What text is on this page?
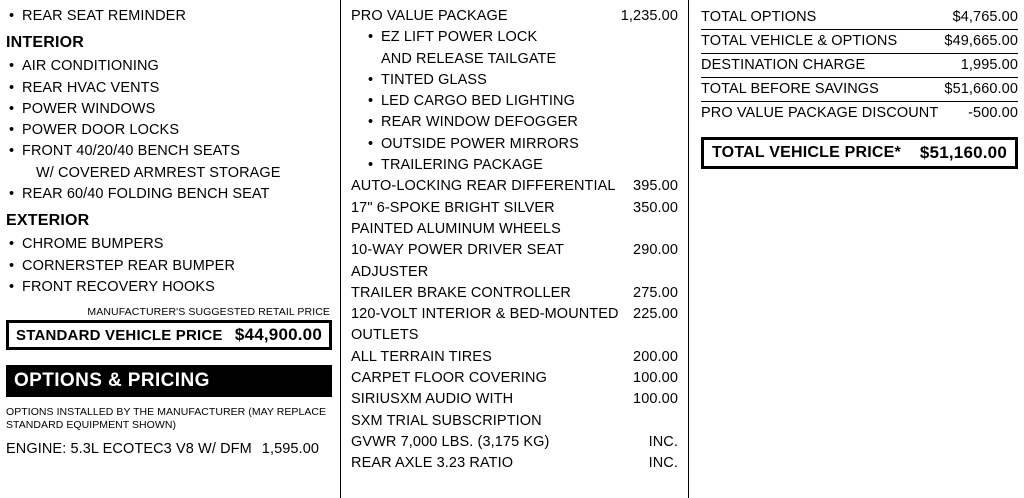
• REAR SEAT REMINDER
INTERIOR
• AIR CONDITIONING
• REAR HVAC VENTS
• POWER WINDOWS
• POWER DOOR LOCKS
• FRONT 40/20/40 BENCH SEATS
W/ COVERED ARMREST STORAGE
• REAR 60/40 FOLDING BENCH SEAT
EXTERIOR
• CHROME BUMPERS
• CORNERSTEP REAR BUMPER
• FRONT RECOVERY HOOKS
MANUFACTURER'S SUGGESTED RETAIL PRICE
STANDARD VEHICLE PRICE $44,900.00
OPTIONS & PRICING
OPTIONS INSTALLED BY THE MANUFACTURER (MAY REPLACE STANDARD EQUIPMENT SHOWN)
ENGINE: 5.3L ECOTEC3 V8 W/ DFM 1,595.00
PRO VALUE PACKAGE	1,235.00
• EZ LIFT POWER LOCK
AND RELEASE TAILGATE
• TINTED GLASS
• LED CARGO BED LIGHTING
• REAR WINDOW DEFOGGER
• OUTSIDE POWER MIRRORS
• TRAILERING PACKAGE
AUTO-LOCKING REAR DIFFERENTIAL	395.00
17" 6-SPOKE BRIGHT SILVER	350.00
PAINTED ALUMINUM WHEELS
10-WAY POWER DRIVER SEAT	290.00
ADJUSTER
TRAILER BRAKE CONTROLLER	275.00
120-VOLT INTERIOR & BED-MOUNTED 225.00
OUTLETS
ALL TERRAIN TIRES	200.00
CARPET FLOOR COVERING	100.00
SIRIUSXM AUDIO WITH	100.00
SXM TRIAL SUBSCRIPTION
GVWR 7,000 LBS. (3,175 KG)	INC.
REAR AXLE 3.23 RATIO	INC.
TOTAL OPTIONS	$4,765.00
TOTAL VEHICLE & OPTIONS	$49,665.00
DESTINATION CHARGE	1,995.00
TOTAL BEFORE SAVINGS	$51,660.00
PRO VALUE PACKAGE DISCOUNT -500.00
TOTAL VEHICLE PRICE* $51,160.00
